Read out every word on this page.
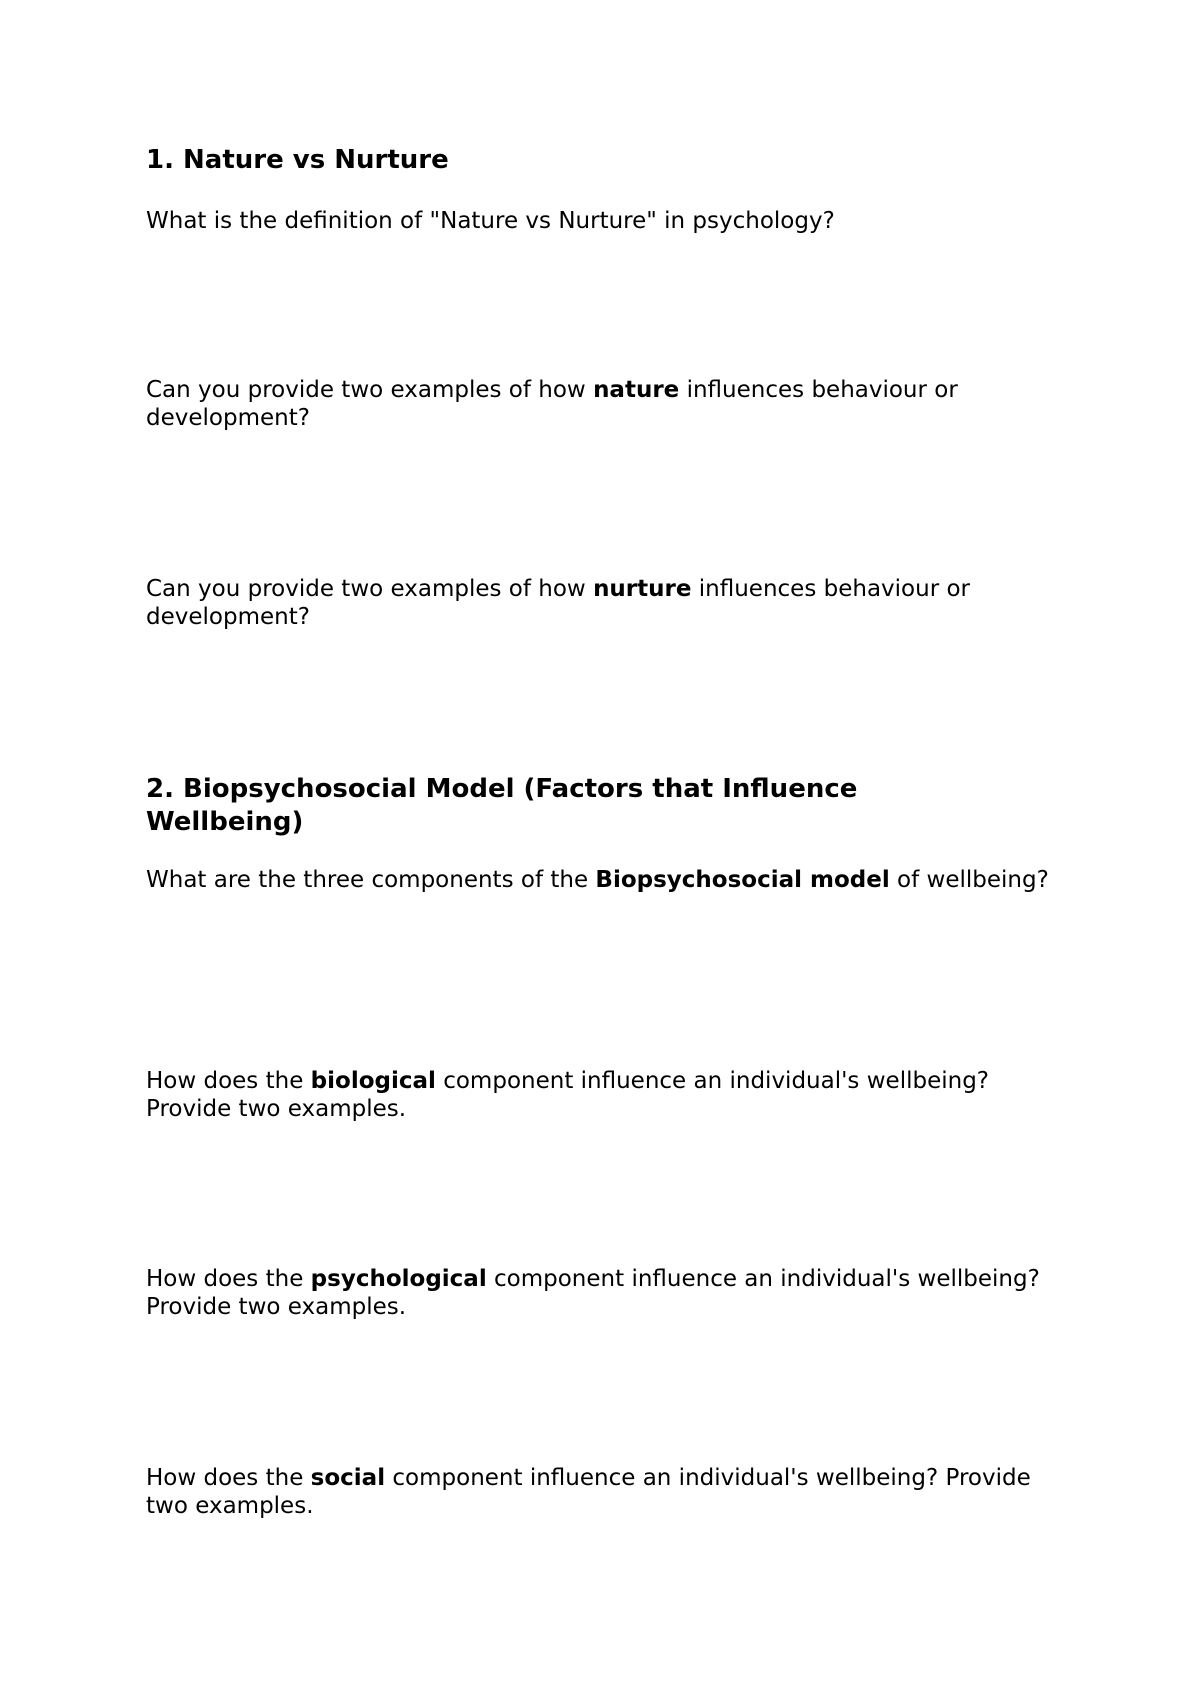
1. Nature vs Nurture

What is the definition of "Nature vs Nurture" in psychology?

Can you provide two examples of how nature influences behaviour or development?

Can you provide two examples of how nurture influences behaviour or development?

2. Biopsychosocial Model (Factors that Influence Wellbeing)

What are the three components of the Biopsychosocial model of wellbeing?

How does the biological component influence an individual's wellbeing? Provide two examples.

How does the psychological component influence an individual's wellbeing? Provide two examples.

How does the social component influence an individual's wellbeing? Provide two examples.
